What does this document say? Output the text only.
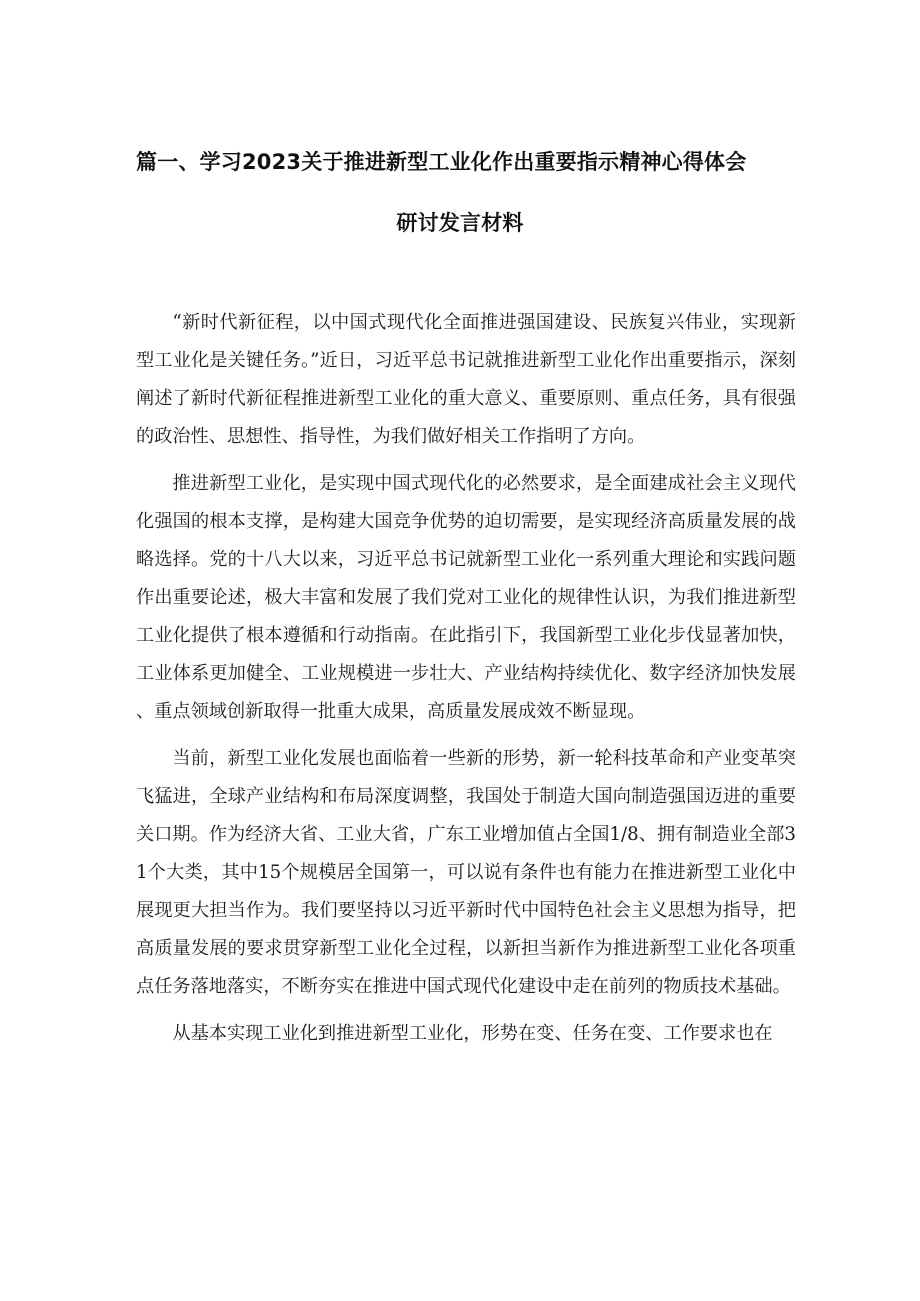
篇一、学习2023关于推进新型工业化作出重要指示精神心得体会
研讨发言材料

“新时代新征程，以中国式现代化全面推进强国建设、民族复兴伟业，实现新型工业化是关键任务。”近日，习近平总书记就推进新型工业化作出重要指示，深刻阐述了新时代新征程推进新型工业化的重大意义、重要原则、重点任务，具有很强的政治性、思想性、指导性，为我们做好相关工作指明了方向。

推进新型工业化，是实现中国式现代化的必然要求，是全面建成社会主义现代化强国的根本支撑，是构建大国竞争优势的迫切需要，是实现经济高质量发展的战略选择。党的十八大以来，习近平总书记就新型工业化一系列重大理论和实践问题作出重要论述，极大丰富和发展了我们党对工业化的规律性认识，为我们推进新型工业化提供了根本遵循和行动指南。在此指引下，我国新型工业化步伐显著加快，工业体系更加健全、工业规模进一步壮大、产业结构持续优化、数字经济加快发展、重点领域创新取得一批重大成果，高质量发展成效不断显现。

当前，新型工业化发展也面临着一些新的形势，新一轮科技革命和产业变革突飞猛进，全球产业结构和布局深度调整，我国处于制造大国向制造强国迈进的重要关口期。作为经济大省、工业大省，广东工业增加值占全国1/8、拥有制造业全部31个大类，其中15个规模居全国第一，可以说有条件也有能力在推进新型工业化中展现更大担当作为。我们要坚持以习近平新时代中国特色社会主义思想为指导，把高质量发展的要求贯穿新型工业化全过程，以新担当新作为推进新型工业化各项重点任务落地落实，不断夯实在推进中国式现代化建设中走在前列的物质技术基础。

从基本实现工业化到推进新型工业化，形势在变、任务在变、工作要求也在
